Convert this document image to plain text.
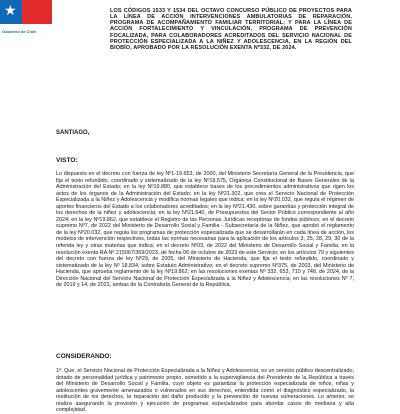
★
Gobierno de Chile

LOS CÓDIGOS 1533 Y 1534 DEL OCTAVO CONCURSO PÚBLICO DE PROYECTOS PARA LA LÍNEA DE ACCIÓN INTERVENCIONES AMBULATORIAS DE REPARACIÓN, PROGRAMA DE ACOMPAÑAMIENTO FAMILIAR TERRITORIAL; Y PARA LA LÍNEA DE ACCIÓN FORTALECIMIENTO Y VINCULACIÓN, PROGRAMA DE PREVENCIÓN FOCALIZADA, PARA COLABORADORES ACREDITADOS DEL SERVICIO NACIONAL DE PROTECCIÓN ESPECIALIZADA A LA NIÑEZ Y ADOLESCENCIA, EN LA REGIÓN DEL BIOBÍO, APROBADO POR LA RESOLUCIÓN EXENTA Nº332, DE 2024.

SANTIAGO,
VISTO:

Lo dispuesto en el decreto con fuerza de ley Nº1-19.653, de 2000, del Ministerio Secretaría General de la Presidencia, que fija el texto refundido, coordinado y sistematizado de la ley Nº18.575, Orgánica Constitucional de Bases Generales de la Administración del Estado; en la ley Nº19.880, que establece bases de los procedimientos administrativos que rigen los actos de los órganos de la Administración del Estado; en la ley Nº21.302, que crea el Servicio Nacional de Protección Especializada a la Niñez y Adolescencia y modifica normas legales que indica; en la ley Nº20.032, que regula el régimen de aportes financieros del Estado a los colaboradores acreditados; en la ley Nº21.430, sobre garantías y protección integral de los derechos de la niñez y adolescencia; en la ley Nº21.640, de Presupuestos del Sector Público correspondiente al año 2024; en la ley Nº19.862, que establece el Registro de las Personas Jurídicas receptoras de fondos públicos; en el decreto supremo Nº7, de 2022 del Ministerio de Desarrollo Social y Familia - Subsecretaría de la Niñez, que aprobó el reglamento de la ley Nº20.032, que regula los programas de protección especializada que se desarrollarán en cada línea de acción, los modelos de intervención respectivos, todas las normas necesarias para la aplicación de los artículos 3, 25, 28, 29, 30 de la referida ley y otras materias que indica; en el decreto Nº03, de 2022 del Ministerio de Desarrollo Social y Familia; en la resolución exenta RA Nº 215067/369/2023, de fecha 06 de octubre de 2023 de este Servicio; en los artículos 79 y siguientes del decreto con fuerza de ley Nº29, de 2005, del Ministerio de Hacienda, que fija el texto refundido, coordinado y sistematizado de la ley Nº 18.834, sobre Estatuto Administrativo; en el decreto supremo Nº375, de 2003, del Ministerio de Hacienda, que aprueba reglamento de la ley Nº19.862; en las resoluciones exentas Nº 332, 653, 710 y 748, de 2024, de la Dirección Nacional del Servicio Nacional de Protección Especializada a la Niñez y Adolescencia; en las resoluciones Nº 7, de 2019 y 14, de 2022, ambas de la Contraloría General de la República.

CONSIDERANDO:

1º. Que, el Servicio Nacional de Protección Especializada a la Niñez y Adolescencia, es un servicio público descentralizado, dotado de personalidad jurídica y patrimonio propio, sometido a la supervigilancia del Presidente de la República a través del Ministerio de Desarrollo Social y Familia, cuyo objeto es garantizar la protección especializada de niños, niñas y adolescentes gravemente amenazados o vulnerados en sus derechos, entendida como el diagnóstico especializado, la restitución de los derechos, la reparación del daño producido y la prevención de nuevas vulneraciones. Lo anterior, se realiza asegurando la provisión y ejecución de programas especializados para abordar casos de mediana y alta complejidad.
